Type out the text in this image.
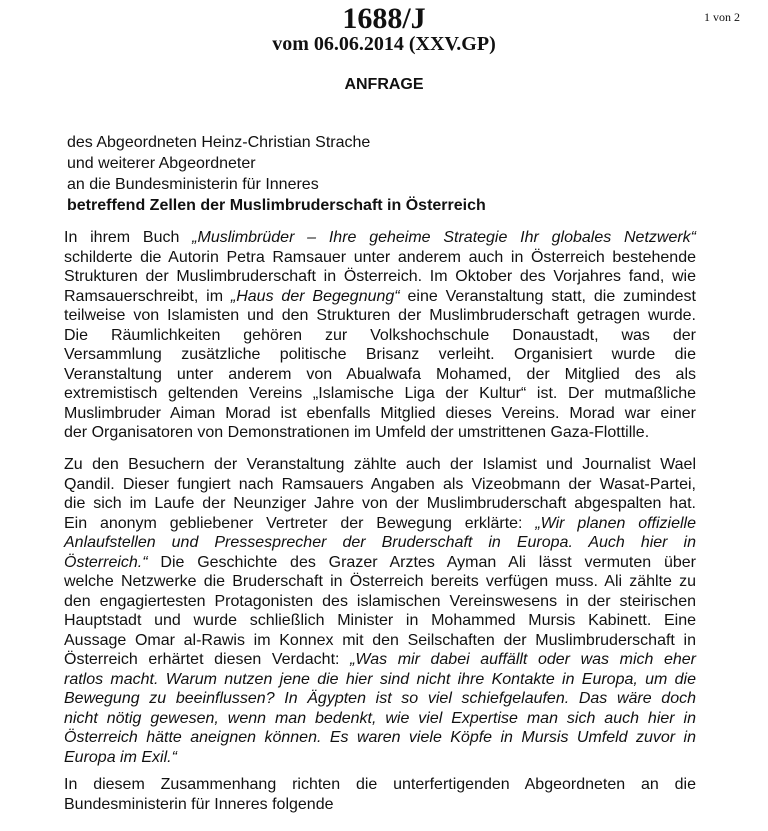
1 von 2
1688/J
vom 06.06.2014 (XXV.GP)
ANFRAGE
des Abgeordneten Heinz-Christian Strache
und weiterer Abgeordneter
an die Bundesministerin für Inneres
betreffend Zellen der Muslimbruderschaft in Österreich
In ihrem Buch „Muslimbrüder – Ihre geheime Strategie Ihr globales Netzwerk“
schilderte die Autorin Petra Ramsauer unter anderem auch in Österreich bestehende
Strukturen der Muslimbruderschaft in Österreich. Im Oktober des Vorjahres fand, wie
Ramsauerschreibt, im „Haus der Begegnung“ eine Veranstaltung statt, die zumindest
teilweise von Islamisten und den Strukturen der Muslimbruderschaft getragen wurde.
Die Räumlichkeiten gehören zur Volkshochschule Donaustadt, was der
Versammlung zusätzliche politische Brisanz verleiht. Organisiert wurde die
Veranstaltung unter anderem von Abualwafa Mohamed, der Mitglied des als
extremistisch geltenden Vereins „Islamische Liga der Kultur“ ist. Der mutmaßliche
Muslimbruder Aiman Morad ist ebenfalls Mitglied dieses Vereins. Morad war einer
der Organisatoren von Demonstrationen im Umfeld der umstrittenen Gaza-Flottille.
Zu den Besuchern der Veranstaltung zählte auch der Islamist und Journalist Wael
Qandil. Dieser fungiert nach Ramsauers Angaben als Vizeobmann der Wasat-Partei,
die sich im Laufe der Neunziger Jahre von der Muslimbruderschaft abgespalten hat.
Ein anonym gebliebener Vertreter der Bewegung erklärte: „Wir planen offizielle
Anlaufstellen und Pressesprecher der Bruderschaft in Europa. Auch hier in
Österreich.“ Die Geschichte des Grazer Arztes Ayman Ali lässt vermuten über
welche Netzwerke die Bruderschaft in Österreich bereits verfügen muss. Ali zählte zu
den engagiertesten Protagonisten des islamischen Vereinswesens in der steirischen
Hauptstadt und wurde schließlich Minister in Mohammed Mursis Kabinett. Eine
Aussage Omar al-Rawis im Konnex mit den Seilschaften der Muslimbruderschaft in
Österreich erhärtet diesen Verdacht: „Was mir dabei auffällt oder was mich eher
ratlos macht. Warum nutzen jene die hier sind nicht ihre Kontakte in Europa, um die
Bewegung zu beeinflussen? In Ägypten ist so viel schiefgelaufen. Das wäre doch
nicht nötig gewesen, wenn man bedenkt, wie viel Expertise man sich auch hier in
Österreich hätte aneignen können. Es waren viele Köpfe in Mursis Umfeld zuvor in
Europa im Exil.“
In diesem Zusammenhang richten die unterfertigenden Abgeordneten an die
Bundesministerin für Inneres folgende
